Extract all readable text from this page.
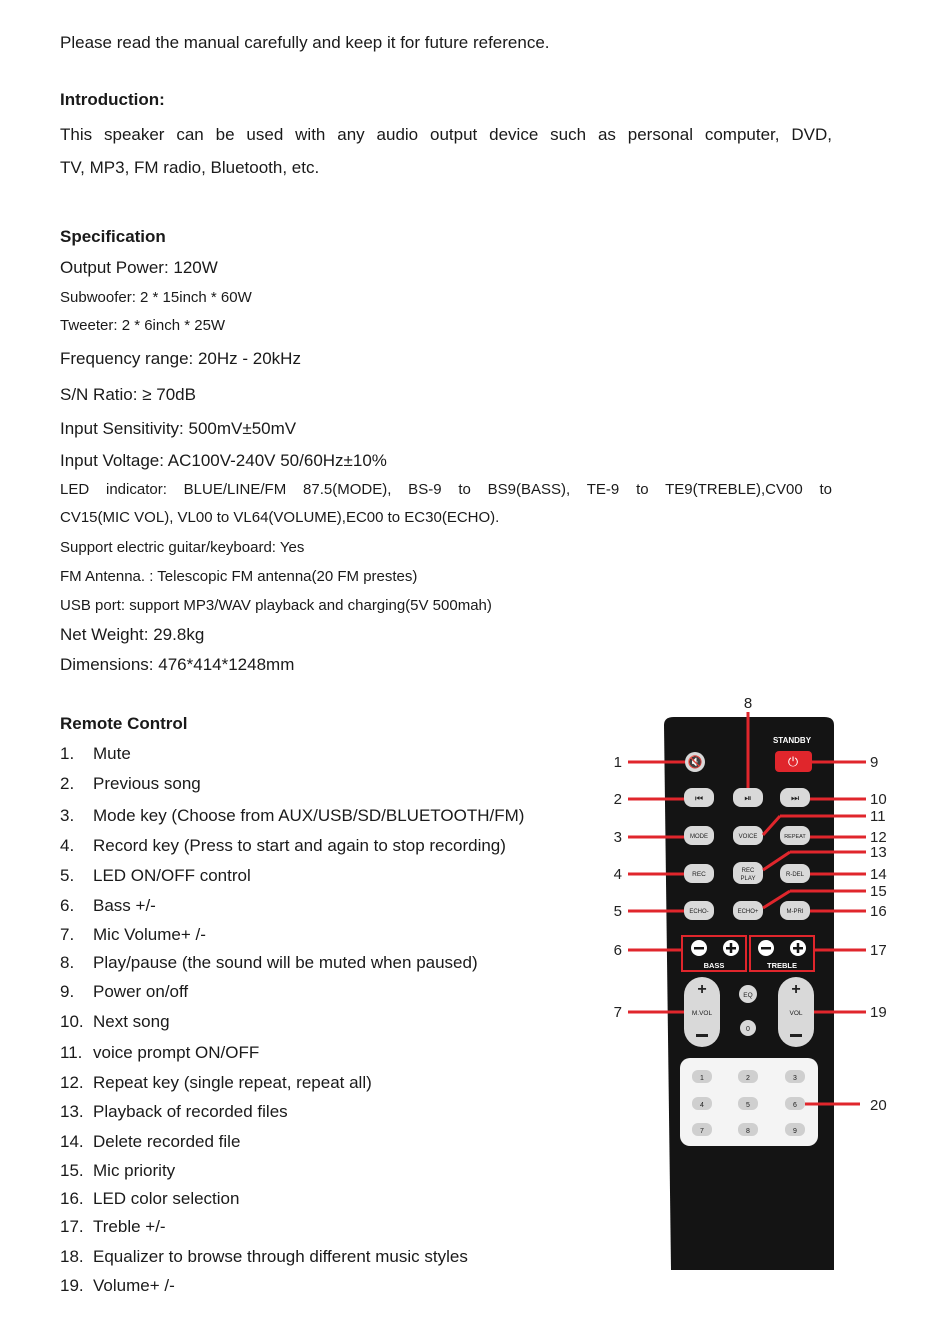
Please read the manual carefully and keep it for future reference.
Introduction:
This speaker can be used with any audio output device such as personal computer, DVD,
TV, MP3, FM radio, Bluetooth, etc.
Specification
Output Power: 120W
Subwoofer: 2 * 15inch * 60W
Tweeter: 2 * 6inch * 25W
Frequency range: 20Hz - 20kHz
S/N Ratio: ≥ 70dB
Input Sensitivity: 500mV±50mV
Input Voltage: AC100V-240V 50/60Hz±10%
LED indicator: BLUE/LINE/FM 87.5(MODE), BS-9 to BS9(BASS), TE-9 to TE9(TREBLE),CV00 to
CV15(MIC VOL), VL00 to VL64(VOLUME),EC00 to EC30(ECHO).
Support electric guitar/keyboard: Yes
FM Antenna. : Telescopic FM antenna(20 FM prestes)
USB port: support MP3/WAV playback and charging(5V 500mah)
Net Weight: 29.8kg
Dimensions: 476*414*1248mm
Remote Control
1.	Mute
2.	Previous song
3.	Mode key (Choose from AUX/USB/SD/BLUETOOTH/FM)
4.	Record key (Press to start and again to stop recording)
5.	LED ON/OFF control
6.	Bass +/-
7.	Mic Volume+ /-
8.	Play/pause (the sound will be muted when paused)
9.	Power on/off
10. Next song
11. voice prompt ON/OFF
12. Repeat key (single repeat, repeat all)
13. Playback of recorded files
14. Delete recorded file
15. Mic priority
16. LED color selection
17. Treble +/-
18. Equalizer to browse through different music styles
19. Volume+ /-
STANDBY
🔇	⏻
⏮	⏯	⏭
MODE	VOICE	REPEAT
REC	REC
PLAY
R-DEL
ECHO-	ECHO+	M-PRI
BASS	TREBLE
+
M.VOL
EQ
0
+
VOL
1	2	3
4	5	6
7	8	9
1
2
3
4
5
6
7
8
9
10
11
12
13
14
15
16
17
19
20
